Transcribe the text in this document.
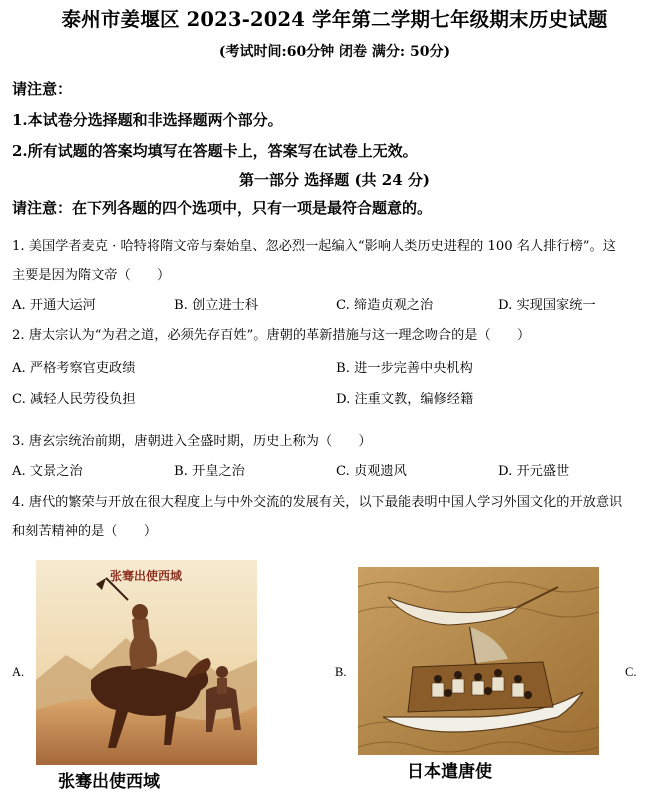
泰州市姜堰区 2023-2024 学年第二学期七年级期末历史试题
(考试时间:60分钟 闭卷 满分: 50分)
请注意：
1.本试卷分选择题和非选择题两个部分。
2.所有试题的答案均填写在答题卡上，答案写在试卷上无效。
第一部分 选择题 (共 24 分)
请注意：在下列各题的四个选项中，只有一项是最符合题意的。
1. 美国学者麦克 · 哈特将隋文帝与秦始皇、忽必烈一起编入“影响人类历史进程的 100 名人排行榜”。这
主要是因为隋文帝（　　）
A. 开通大运河	B. 创立进士科	C. 缔造贞观之治	D. 实现国家统一
2. 唐太宗认为“为君之道，必须先存百姓”。唐朝的革新措施与这一理念吻合的是（　　）
A. 严格考察官吏政绩	B. 进一步完善中央机构
C. 减轻人民劳役负担	D. 注重文教，编修经籍
3. 唐玄宗统治前期，唐朝进入全盛时期，历史上称为（　　）
A. 文景之治	B. 开皇之治	C. 贞观遗风	D. 开元盛世
4. 唐代的繁荣与开放在很大程度上与中外交流的发展有关，以下最能表明中国人学习外国文化的开放意识
和刻苦精神的是（　　）
A.	B.	C.
张骞出使西域
张骞出使西域	日本遣唐使
